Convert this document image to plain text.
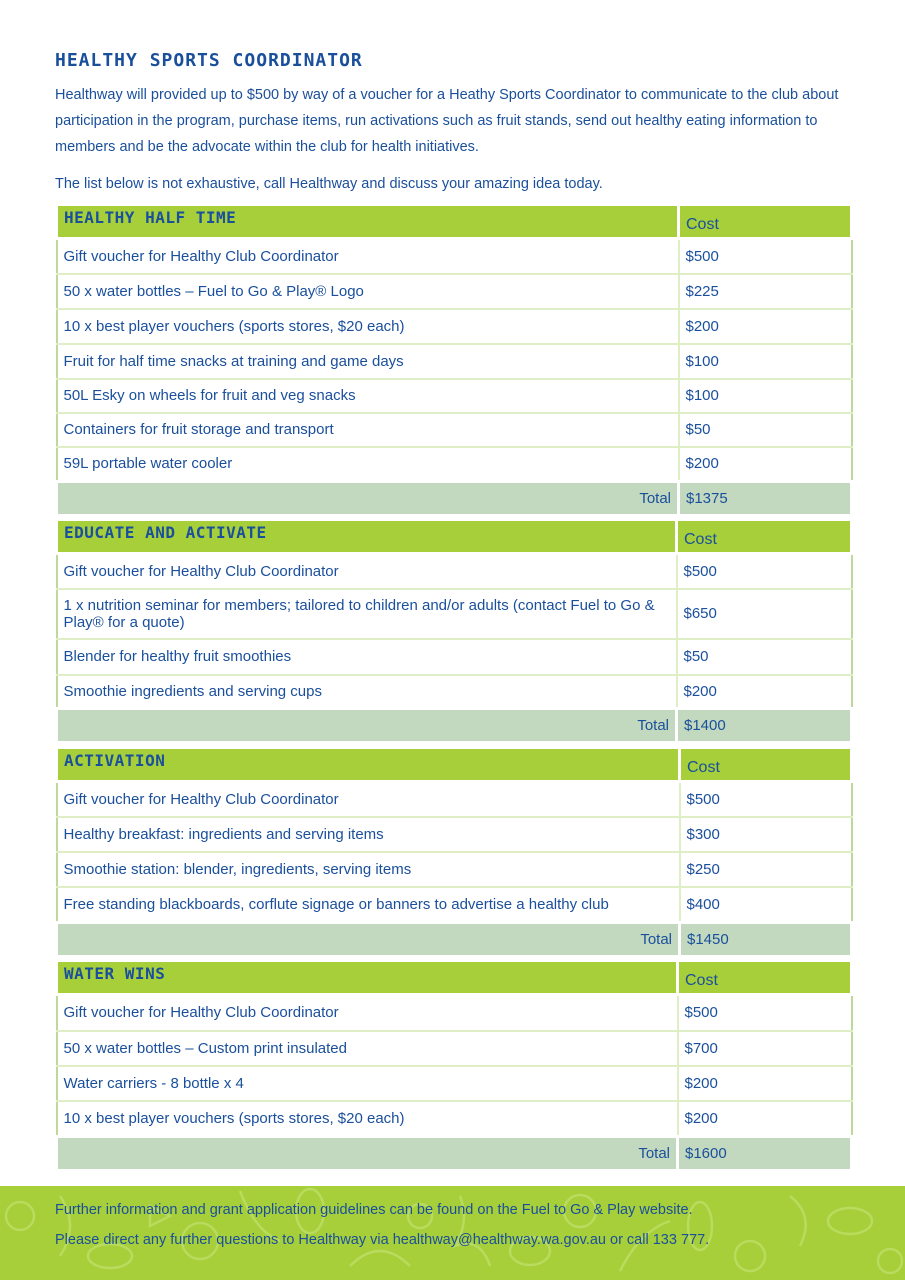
HEALTHY SPORTS COORDINATOR
Healthway will provided up to $500 by way of a voucher for a Heathy Sports Coordinator to communicate to the club about participation in the program, purchase items, run activations such as fruit stands, send out healthy eating information to members and be the advocate within the club for health initiatives.
The list below is not exhaustive, call Healthway and discuss your amazing idea today.
HEALTHY HALF TIME	Cost
Gift voucher for Healthy Club Coordinator	$500
50 x water bottles – Fuel to Go & Play® Logo	$225
10 x best player vouchers (sports stores, $20 each)	$200
Fruit for half time snacks at training and game days	$100
50L Esky on wheels for fruit and veg snacks	$100
Containers for fruit storage and transport	$50
59L portable water cooler	$200
Total	$1375
EDUCATE AND ACTIVATE	Cost
Gift voucher for Healthy Club Coordinator	$500
1 x nutrition seminar for members; tailored to children and/or adults (contact Fuel to Go & Play® for a quote)	$650
Blender for healthy fruit smoothies	$50
Smoothie ingredients and serving cups	$200
Total	$1400
ACTIVATION	Cost
Gift voucher for Healthy Club Coordinator	$500
Healthy breakfast: ingredients and serving items	$300
Smoothie station: blender, ingredients, serving items	$250
Free standing blackboards, corflute signage or banners to advertise a healthy club	$400
Total	$1450
WATER WINS	Cost
Gift voucher for Healthy Club Coordinator	$500
50 x water bottles – Custom print insulated	$700
Water carriers - 8 bottle x 4	$200
10 x best player vouchers (sports stores, $20 each)	$200
Total	$1600
Further information and grant application guidelines can be found on the Fuel to Go & Play website.
Please direct any further questions to Healthway via healthway@healthway.wa.gov.au or call 133 777.
